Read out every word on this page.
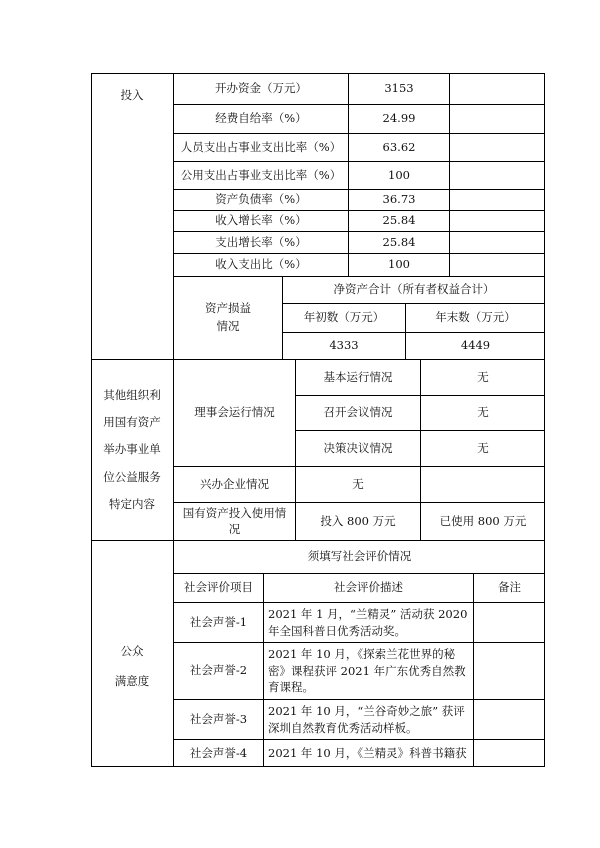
投入
开办资金（万元）	3153
经费自给率（%）	24.99
人员支出占事业支出比率（%）	63.62
公用支出占事业支出比率（%）	100
资产负债率（%）	36.73
收入增长率（%）	25.84
支出增长率（%）	25.84
收入支出比（%）	100
资产损益
情况
净资产合计（所有者权益合计）
年初数（万元）	年末数（万元）
4333	4449
其他组织利
用国有资产
举办事业单
位公益服务
特定内容
理事会运行情况
基本运行情况	无
召开会议情况	无
决策决议情况	无
兴办企业情况	无
国有资产投入使用情况
投入 800 万元	已使用 800 万元
公众
满意度
须填写社会评价情况
社会评价项目	社会评价描述	备注
社会声誉-1
2021 年 1 月，“兰精灵” 活动获 2020 年全国科普日优秀活动奖。
社会声誉-2
2021 年 10 月，《探索兰花世界的秘密》课程获评 2021 年广东优秀自然教育课程。
社会声誉-3
2021 年 10 月，“兰谷奇妙之旅” 获评深圳自然教育优秀活动样板。
社会声誉-4 2021 年 10 月，《兰精灵》科普书籍获
